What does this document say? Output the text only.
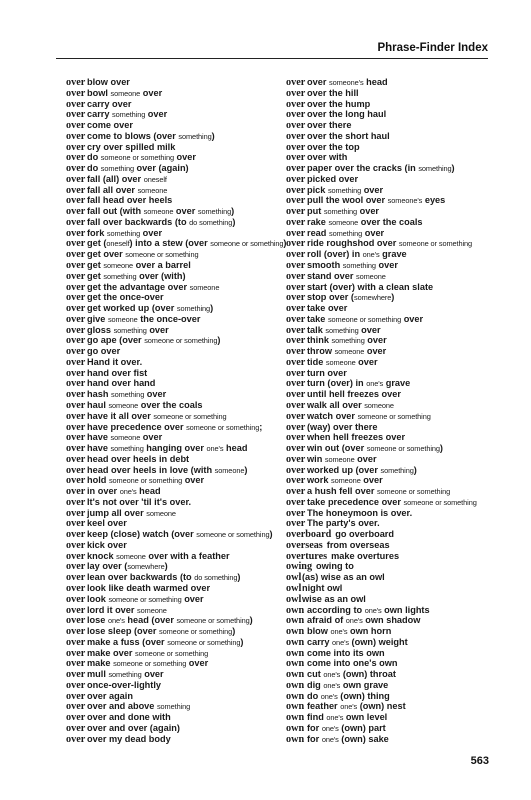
Phrase-Finder Index
over blow over
over bowl someone over
over carry over
over carry something over
over come over
over come to blows (over something)
over cry over spilled milk
over do someone or something over
over do something over (again)
over fall (all) over oneself
over fall all over someone
over fall head over heels
over fall out (with someone over something)
over fall over backwards (to do something)
over fork something over
over get (oneself) into a stew (over someone or something)
over get over someone or something
over get someone over a barrel
over get something over (with)
over get the advantage over someone
over get the once-over
over get worked up (over something)
over give someone the once-over
over gloss something over
over go ape (over someone or something)
over go over
over Hand it over.
over hand over fist
over hand over hand
over hash something over
over haul someone over the coals
over have it all over someone or something
over have precedence over someone or something;
over have someone over
over have something hanging over one's head
over head over heels in debt
over head over heels in love (with someone)
over hold someone or something over
over in over one's head
over It's not over 'til it's over.
over jump all over someone
over keel over
over keep (close) watch (over someone or something)
over kick over
over knock someone over with a feather
over lay over (somewhere)
over lean over backwards (to do something)
over look like death warmed over
over look someone or something over
over lord it over someone
over lose one's head (over someone or something)
over lose sleep (over someone or something)
over make a fuss (over someone or something)
over make over someone or something
over make someone or something over
over mull something over
over once-over-lightly
over over again
over over and above something
over over and done with
over over and over (again)
over over my dead body
over over someone's head
over over the hill
over over the hump
over over the long haul
over over there
over over the short haul
over over the top
over over with
over paper over the cracks (in something)
over picked over
over pick something over
over pull the wool over someone's eyes
over put something over
over rake someone over the coals
over read something over
over ride roughshod over someone or something
over roll (over) in one's grave
over smooth something over
over stand over someone
over start (over) with a clean slate
over stop over (somewhere)
over take over
over take someone or something over
over talk something over
over think something over
over throw someone over
over tide someone over
over turn over
over turn (over) in one's grave
over until hell freezes over
over walk all over someone
over watch over someone or something
over (way) over there
over when hell freezes over
over win out (over someone or something)
over win someone over
over worked up (over something)
over work someone over
over a hush fell over someone or something
over take precedence over someone or something
over The honeymoon is over.
over The party's over.
overboard go overboard
overseas from overseas
overtures make overtures
owing owing to
owl(as) wise as an owl
owlnight owl
owlwise as an owl
own according to one's own lights
own afraid of one's own shadow
own blow one's own horn
own carry one's (own) weight
own come into its own
own come into one's own
own cut one's (own) throat
own dig one's own grave
own do one's (own) thing
own feather one's (own) nest
own find one's own level
own for one's (own) part
own for one's (own) sake
563
